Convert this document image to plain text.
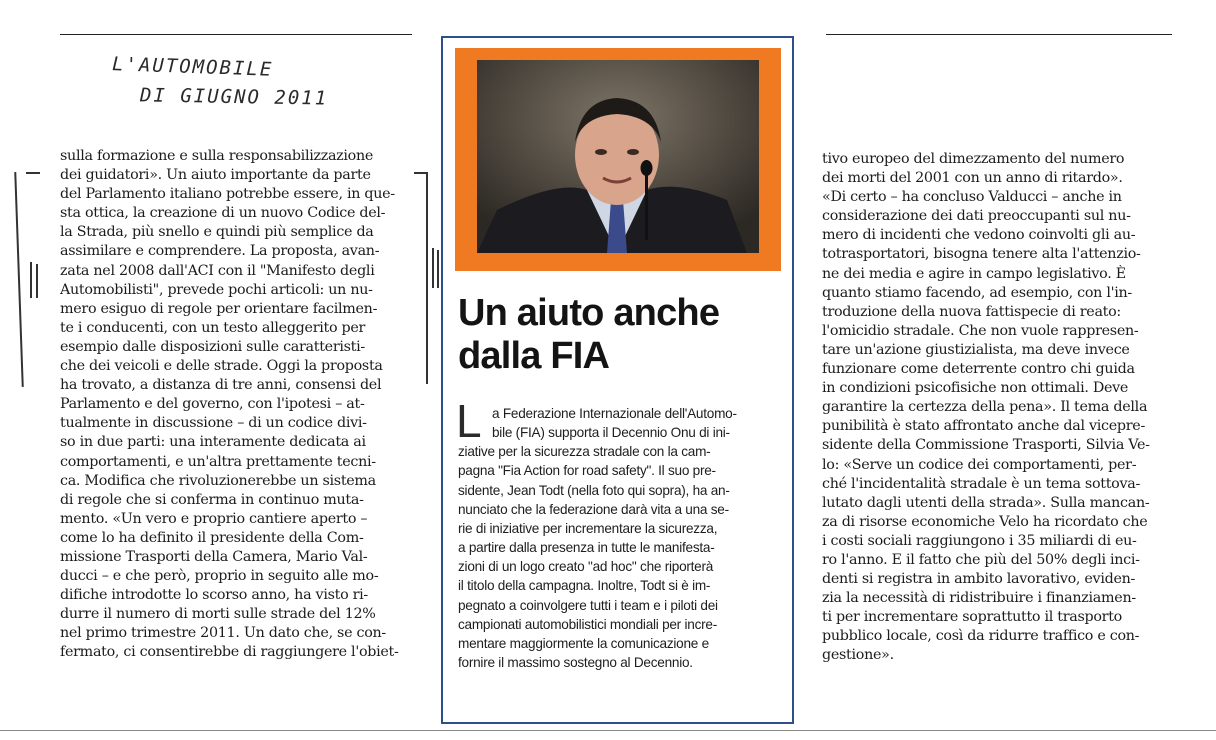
L'AUTOMOBILE
DI GIUGNO 2011

sulla formazione e sulla responsabilizzazione

dei guidatori». Un aiuto importante da parte

del Parlamento italiano potrebbe essere, in que-

sta ottica, la creazione di un nuovo Codice del-

la Strada, più snello e quindi più semplice da

assimilare e comprendere. La proposta, avan-

zata nel 2008 dall'ACI con il "Manifesto degli

Automobilisti", prevede pochi articoli: un nu-

mero esiguo di regole per orientare facilmen-

te i conducenti, con un testo alleggerito per

esempio dalle disposizioni sulle caratteristi-

che dei veicoli e delle strade. Oggi la proposta

ha trovato, a distanza di tre anni, consensi del

Parlamento e del governo, con l'ipotesi – at-

tualmente in discussione – di un codice divi-

so in due parti: una interamente dedicata ai

comportamenti, e un'altra prettamente tecni-

ca. Modifica che rivoluzionerebbe un sistema

di regole che si conferma in continuo muta-

mento. «Un vero e proprio cantiere aperto –

come lo ha definito il presidente della Com-

missione Trasporti della Camera, Mario Val-

ducci – e che però, proprio in seguito alle mo-

difiche introdotte lo scorso anno, ha visto ri-

durre il numero di morti sulle strade del 12%

nel primo trimestre 2011. Un dato che, se con-

fermato, ci consentirebbe di raggiungere l'obiet-

Un aiuto anche
dalla FIA
L a Federazione Internazionale dell'Automo-

bile (FIA) supporta il Decennio Onu di ini-

ziative per la sicurezza stradale con la cam-

pagna "Fia Action for road safety". Il suo pre-

sidente, Jean Todt (nella foto qui sopra), ha an-

nunciato che la federazione darà vita a una se-

rie di iniziative per incrementare la sicurezza,

a partire dalla presenza in tutte le manifesta-

zioni di un logo creato "ad hoc" che riporterà

il titolo della campagna. Inoltre, Todt si è im-

pegnato a coinvolgere tutti i team e i piloti dei

campionati automobilistici mondiali per incre-

mentare maggiormente la comunicazione e

fornire il massimo sostegno al Decennio.

tivo europeo del dimezzamento del numero

dei morti del 2001 con un anno di ritardo».

«Di certo – ha concluso Valducci – anche in

considerazione dei dati preoccupanti sul nu-

mero di incidenti che vedono coinvolti gli au-

totrasportatori, bisogna tenere alta l'attenzio-

ne dei media e agire in campo legislativo. È

quanto stiamo facendo, ad esempio, con l'in-

troduzione della nuova fattispecie di reato:

l'omicidio stradale. Che non vuole rappresen-

tare un'azione giustizialista, ma deve invece

funzionare come deterrente contro chi guida

in condizioni psicofisiche non ottimali. Deve

garantire la certezza della pena». Il tema della

punibilità è stato affrontato anche dal vicepre-

sidente della Commissione Trasporti, Silvia Ve-

lo: «Serve un codice dei comportamenti, per-

ché l'incidentalità stradale è un tema sottova-

lutato dagli utenti della strada». Sulla mancan-

za di risorse economiche Velo ha ricordato che

i costi sociali raggiungono i 35 miliardi di eu-

ro l'anno. E il fatto che più del 50% degli inci-

denti si registra in ambito lavorativo, eviden-

zia la necessità di ridistribuire i finanziamen-

ti per incrementare soprattutto il trasporto

pubblico locale, così da ridurre traffico e con-

gestione».
